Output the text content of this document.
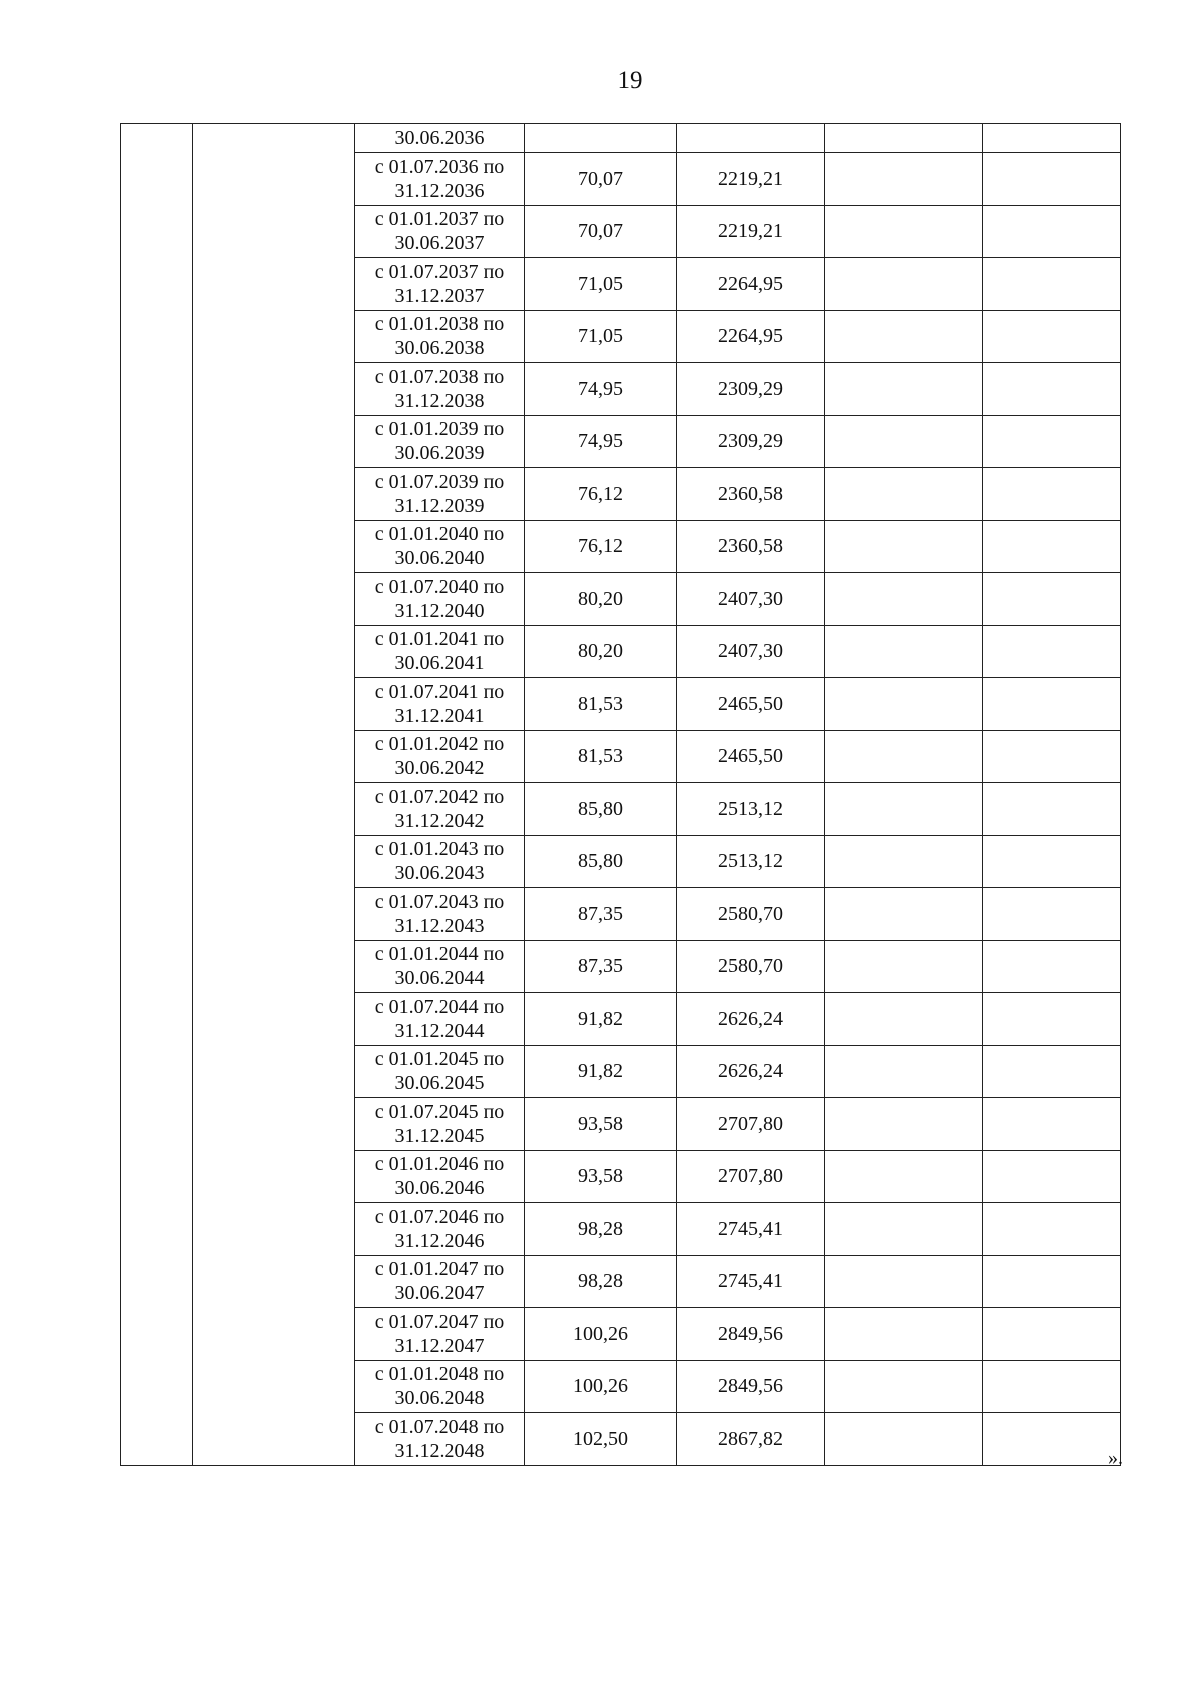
19
		30.06.2036				

		с 01.07.2036 по
31.12.2036	70,07	2219,21		

		с 01.01.2037 по
30.06.2037	70,07	2219,21		

		с 01.07.2037 по
31.12.2037	71,05	2264,95		

		с 01.01.2038 по
30.06.2038	71,05	2264,95		

		с 01.07.2038 по
31.12.2038	74,95	2309,29		

		с 01.01.2039 по
30.06.2039	74,95	2309,29		

		с 01.07.2039 по
31.12.2039	76,12	2360,58		

		с 01.01.2040 по
30.06.2040	76,12	2360,58		

		с 01.07.2040 по
31.12.2040	80,20	2407,30		

		с 01.01.2041 по
30.06.2041	80,20	2407,30		

		с 01.07.2041 по
31.12.2041	81,53	2465,50		

		с 01.01.2042 по
30.06.2042	81,53	2465,50		

		с 01.07.2042 по
31.12.2042	85,80	2513,12		

		с 01.01.2043 по
30.06.2043	85,80	2513,12		

		с 01.07.2043 по
31.12.2043	87,35	2580,70		

		с 01.01.2044 по
30.06.2044	87,35	2580,70		

		с 01.07.2044 по
31.12.2044	91,82	2626,24		

		с 01.01.2045 по
30.06.2045	91,82	2626,24		

		с 01.07.2045 по
31.12.2045	93,58	2707,80		

		с 01.01.2046 по
30.06.2046	93,58	2707,80		

		с 01.07.2046 по
31.12.2046	98,28	2745,41		

		с 01.01.2047 по
30.06.2047	98,28	2745,41		

		с 01.07.2047 по
31.12.2047	100,26	2849,56		

		с 01.01.2048 по
30.06.2048	100,26	2849,56		

		с 01.07.2048 по
31.12.2048	102,50	2867,82		
».
